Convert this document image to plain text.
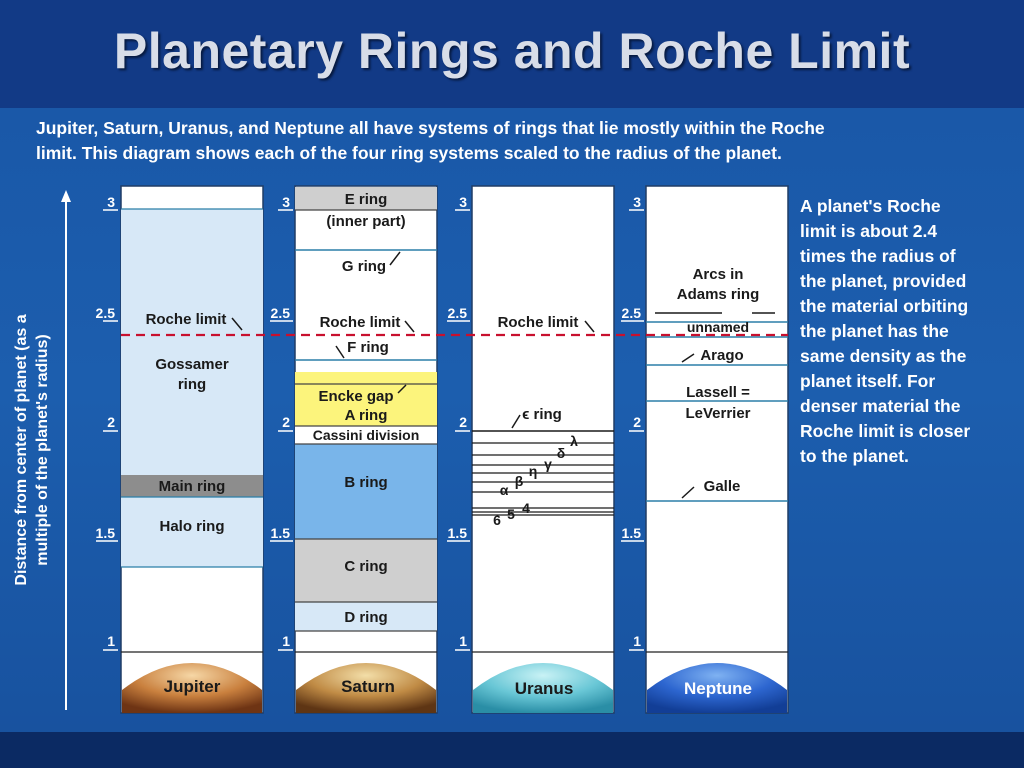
Planetary Rings and Roche Limit
Jupiter, Saturn, Uranus, and Neptune all have systems of rings that lie mostly within the Roche
limit. This diagram shows each of the four ring systems scaled to the radius of the planet.
A planet's Roche
limit is about 2.4
times the radius of
the planet, provided
the material orbiting
the planet has the
same density as the
planet itself. For
denser material the
Roche limit is closer
to the planet.
Distance from center of planet (as a multiple of the planet's radius)
Roche limit
Gossamer
ring
Main ring
Halo ring
Jupiter
E ring
(inner part)
G ring
Roche limit
F ring
Encke gap
A ring
Cassini division
B ring
C ring
D ring
Saturn
Roche limit
ϵ ring
λ
δ
γ
η
β
α
4
5
6
Uranus
Arcs in
Adams ring
unnamed
Arago
Lassell =
LeVerrier
Galle
Neptune
3
2.5
2
1.5
1
3
2.5
2
1.5
1
3
2.5
2
1.5
1
3
2.5
2
1.5
1
